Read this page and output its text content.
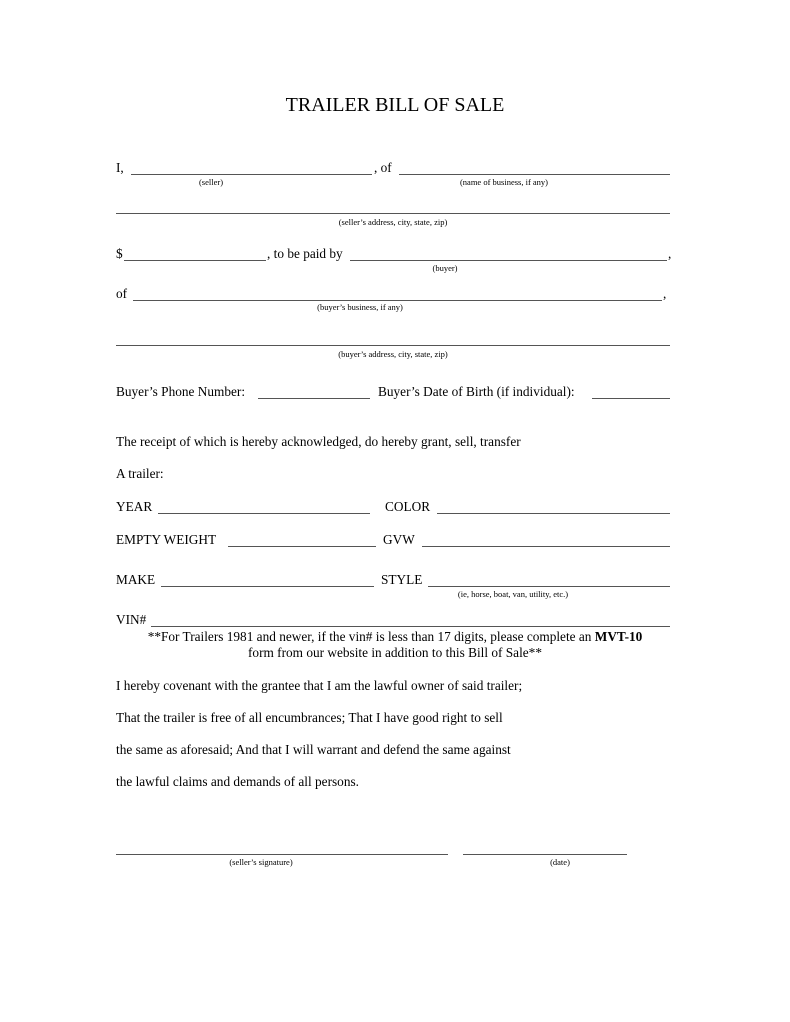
TRAILER BILL OF SALE
I,	, of
(seller)	(name of business, if any)
(seller’s address, city, state, zip)
$	, to be paid by	,
(buyer)
of	,
(buyer’s business, if any)
(buyer’s address, city, state, zip)
Buyer’s Phone Number:	Buyer’s Date of Birth (if individual):
The receipt of which is hereby acknowledged, do hereby grant, sell, transfer
A trailer:
YEAR	COLOR
EMPTY WEIGHT	GVW
MAKE	STYLE
(ie, horse, boat, van, utility, etc.)
VIN#
**For Trailers 1981 and newer, if the vin# is less than 17 digits, please complete an MVT-10
form from our website in addition to this Bill of Sale**
I hereby covenant with the grantee that I am the lawful owner of said trailer;
That the trailer is free of all encumbrances; That I have good right to sell
the same as aforesaid; And that I will warrant and defend the same against
the lawful claims and demands of all persons.
(seller’s signature)	(date)
